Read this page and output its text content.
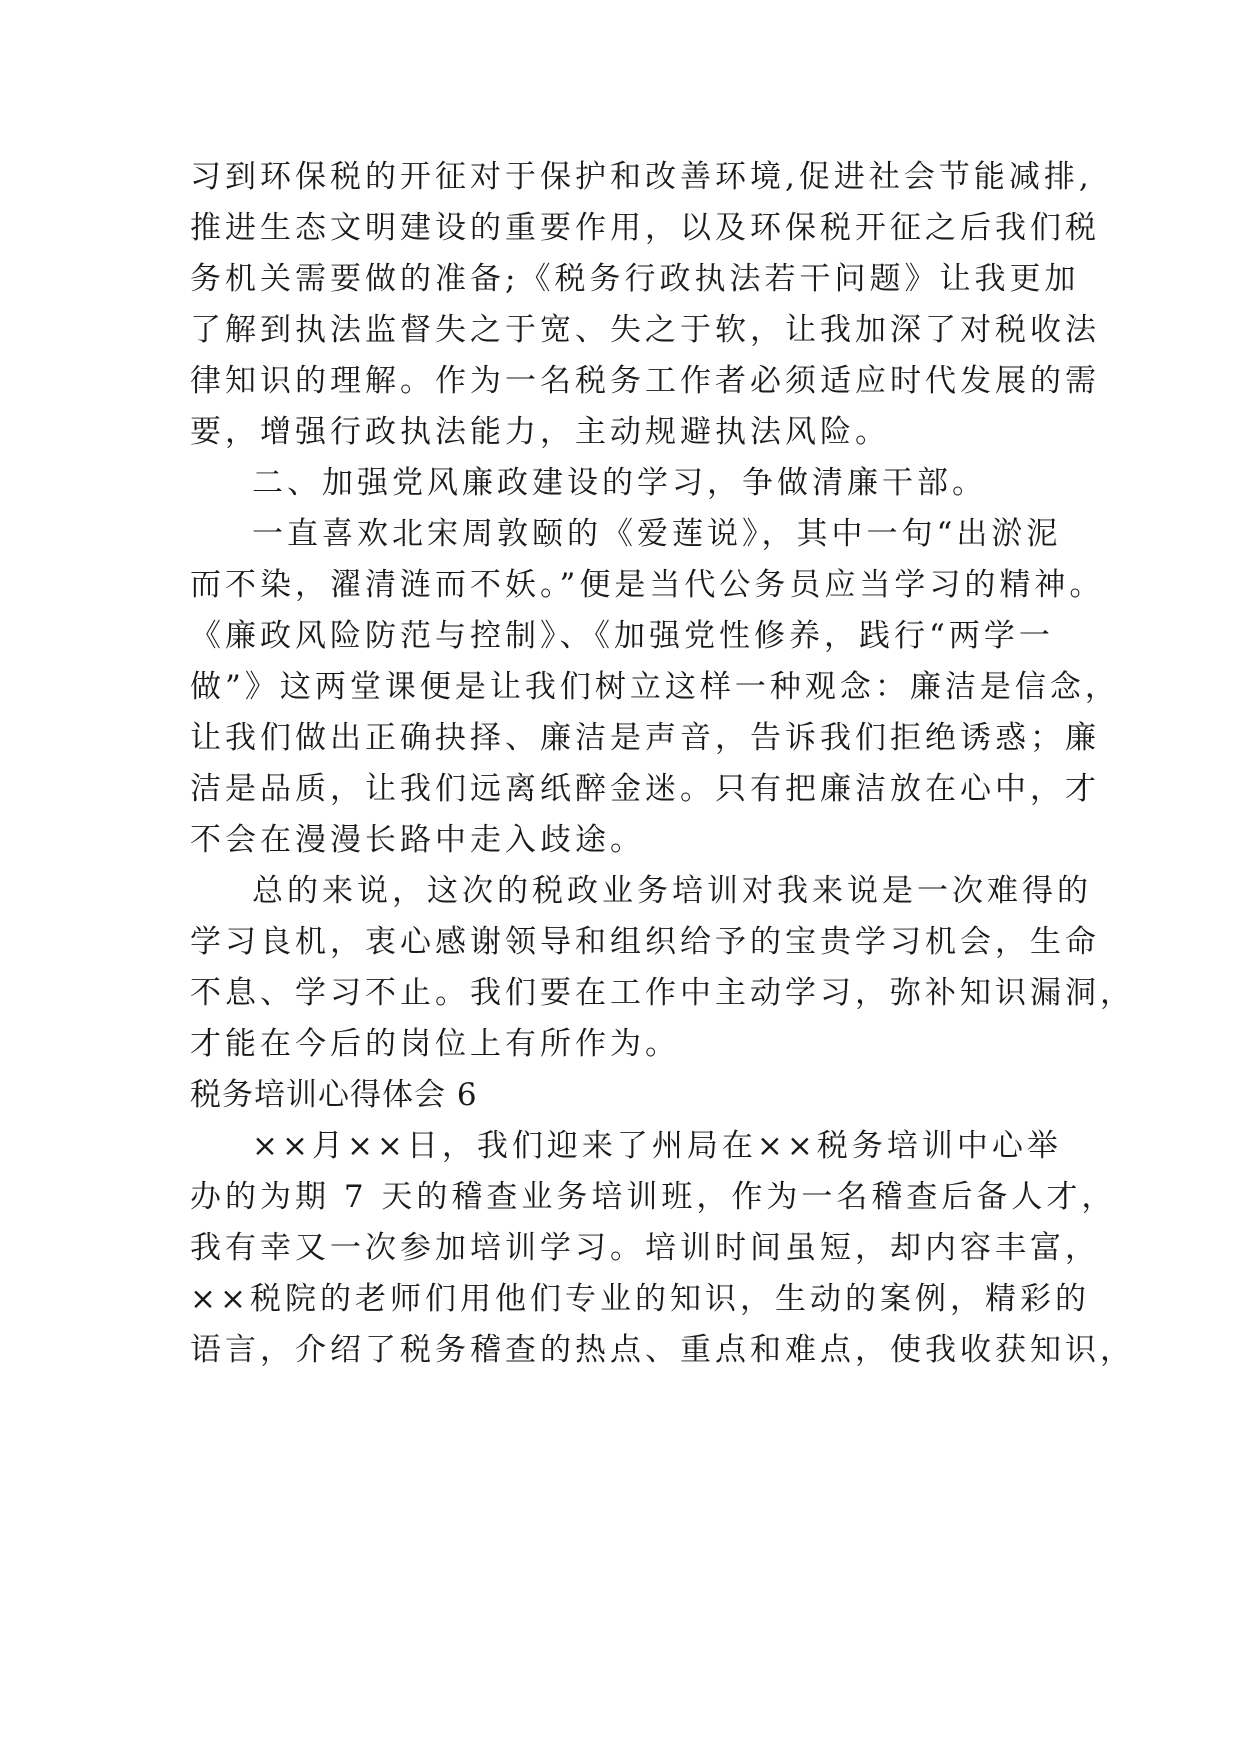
习到环保税的开征对于保护和改善环境,促进社会节能减排,
推进生态文明建设的重要作用，以及环保税开征之后我们税
务机关需要做的准备;《税务行政执法若干问题》让我更加
了解到执法监督失之于宽、失之于软，让我加深了对税收法
律知识的理解。作为一名税务工作者必须适应时代发展的需
要，增强行政执法能力，主动规避执法风险。
二、加强党风廉政建设的学习，争做清廉干部。
一直喜欢北宋周敦颐的《爱莲说》，其中一句“出淤泥
而不染，濯清涟而不妖。”便是当代公务员应当学习的精神。
《廉政风险防范与控制》、《加强党性修养，践行“两学一
做”》这两堂课便是让我们树立这样一种观念：廉洁是信念，
让我们做出正确抉择、廉洁是声音，告诉我们拒绝诱惑；廉
洁是品质，让我们远离纸醉金迷。只有把廉洁放在心中，才
不会在漫漫长路中走入歧途。
总的来说，这次的税政业务培训对我来说是一次难得的
学习良机，衷心感谢领导和组织给予的宝贵学习机会，生命
不息、学习不止。我们要在工作中主动学习，弥补知识漏洞，
才能在今后的岗位上有所作为。
税务培训心得体会 6
××月××日，我们迎来了州局在××税务培训中心举
办的为期 7 天的稽查业务培训班，作为一名稽查后备人才，
我有幸又一次参加培训学习。培训时间虽短，却内容丰富，
××税院的老师们用他们专业的知识，生动的案例，精彩的
语言，介绍了税务稽查的热点、重点和难点，使我收获知识，
